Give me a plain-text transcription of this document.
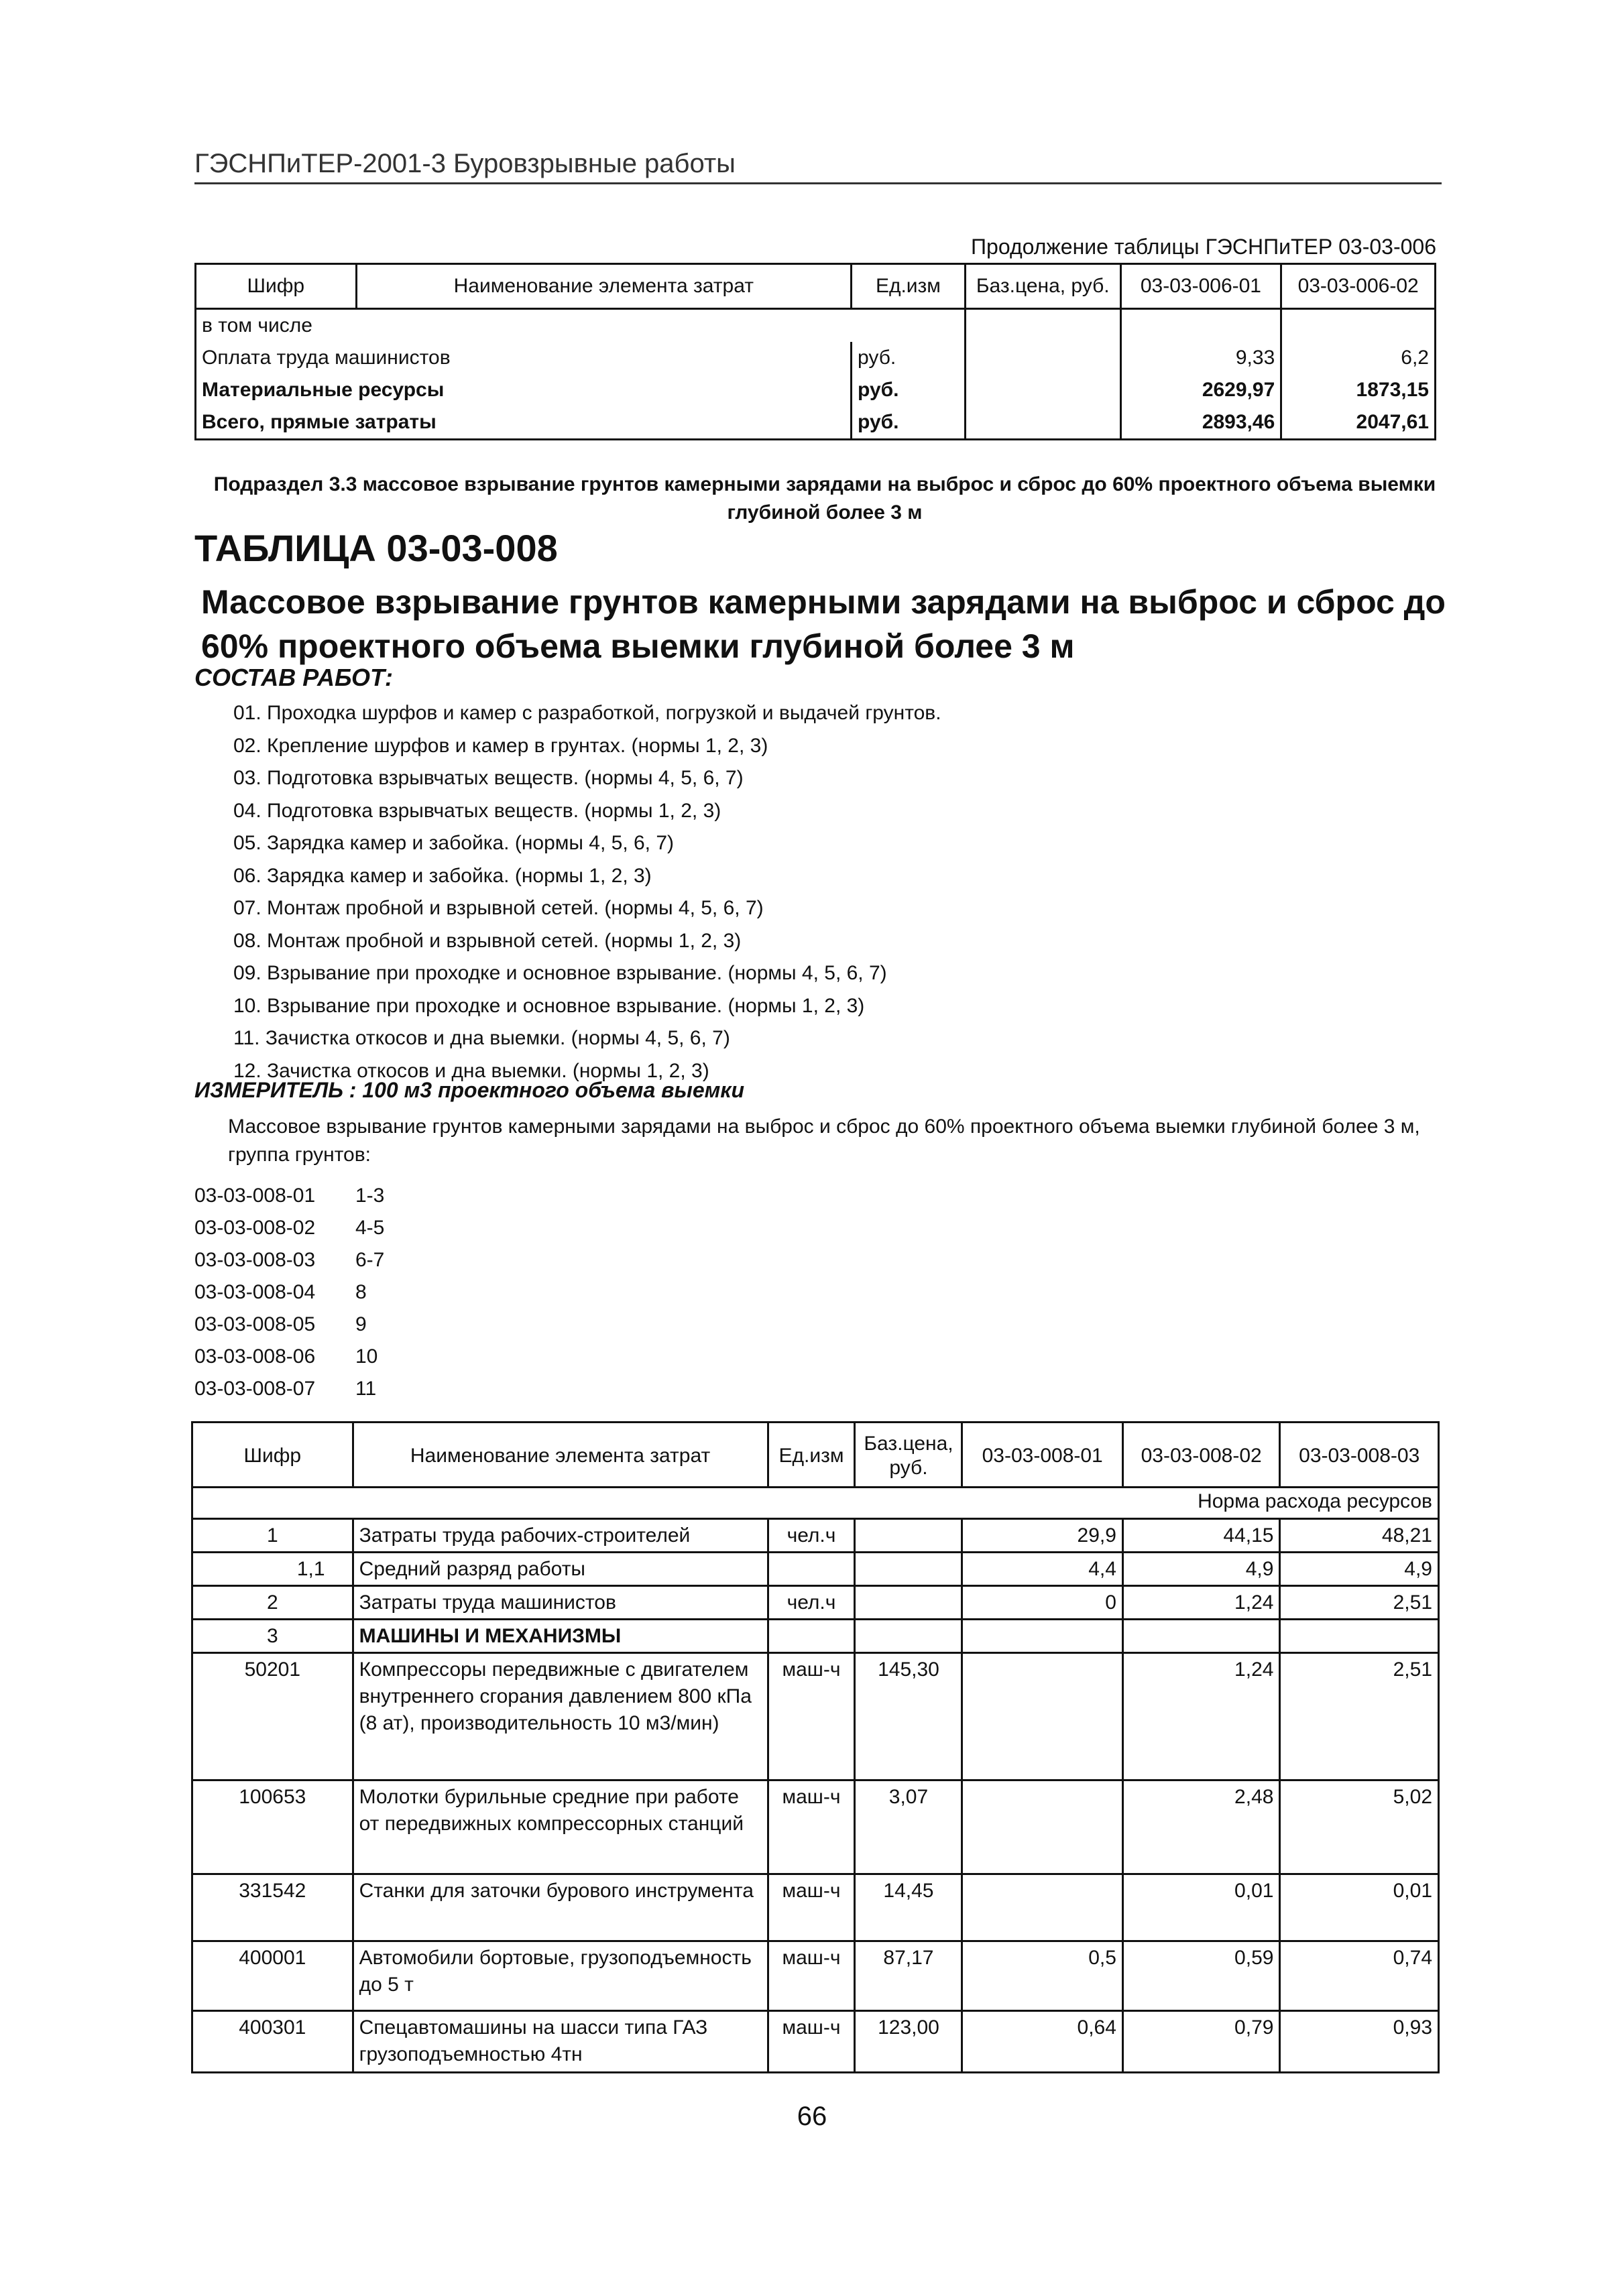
ГЭСНПиТЕР-2001-3 Буровзрывные работы
Продолжение таблицы ГЭСНПиТЕР 03-03-006
Шифр	Наименование элемента затрат	Ед.изм	Баз.цена, руб.	03-03-006-01	03-03-006-02
в том числе					
Оплата труда машинистов		руб.		9,33	6,2
Материальные ресурсы		руб.		2629,97	1873,15
Всего, прямые затраты		руб.		2893,46	2047,61
Подраздел 3.3 массовое взрывание грунтов камерными зарядами на выброс и сброс до 60% проектного объема выемки глубиной более 3 м
ТАБЛИЦА 03-03-008
Массовое взрывание грунтов камерными зарядами на выброс и сброс до 60% проектного объема выемки глубиной более 3 м
СОСТАВ РАБОТ:
01. Проходка шурфов и камер с разработкой, погрузкой и выдачей грунтов.
02. Крепление шурфов и камер в грунтах. (нормы 1, 2, 3)
03. Подготовка взрывчатых веществ. (нормы 4, 5, 6, 7)
04. Подготовка взрывчатых веществ. (нормы 1, 2, 3)
05. Зарядка камер и забойка. (нормы 4, 5, 6, 7)
06. Зарядка камер и забойка. (нормы 1, 2, 3)
07. Монтаж пробной и взрывной сетей. (нормы 4, 5, 6, 7)
08. Монтаж пробной и взрывной сетей. (нормы 1, 2, 3)
09. Взрывание при проходке и основное взрывание. (нормы 4, 5, 6, 7)
10. Взрывание при проходке и основное взрывание. (нормы 1, 2, 3)
11. Зачистка откосов и дна выемки. (нормы 4, 5, 6, 7)
12. Зачистка откосов и дна выемки. (нормы 1, 2, 3)
ИЗМЕРИТЕЛЬ : 100 м3 проектного объема выемки
Массовое взрывание грунтов камерными зарядами на выброс и сброс до 60% проектного объема выемки глубиной более 3 м, группа грунтов:
03-03-008-01 1-3
03-03-008-02 4-5
03-03-008-03 6-7
03-03-008-04 8
03-03-008-05 9
03-03-008-06 10
03-03-008-07 11
Шифр	Наименование элемента затрат	Ед.изм	Баз.цена, руб.	03-03-008-01	03-03-008-02	03-03-008-03
Норма расхода ресурсов						
1	Затраты труда рабочих-строителей	чел.ч		29,9	44,15	48,21
1,1	Средний разряд работы			4,4	4,9	4,9
2	Затраты труда машинистов	чел.ч		0	1,24	2,51
3	МАШИНЫ И МЕХАНИЗМЫ					
50201	Компрессоры передвижные с двигателем внутреннего сгорания давлением 800 кПа (8 ат), производительность 10 м3/мин)	маш-ч	145,30		1,24	2,51
100653	Молотки бурильные средние при работе от передвижных компрессорных станций	маш-ч	3,07		2,48	5,02
331542	Станки для заточки бурового инструмента	маш-ч	14,45		0,01	0,01
400001	Автомобили бортовые, грузоподъемность до 5 т	маш-ч	87,17	0,5	0,59	0,74
400301	Спецавтомашины на шасси типа ГАЗ грузоподъемностью 4тн	маш-ч	123,00	0,64	0,79	0,93
66
